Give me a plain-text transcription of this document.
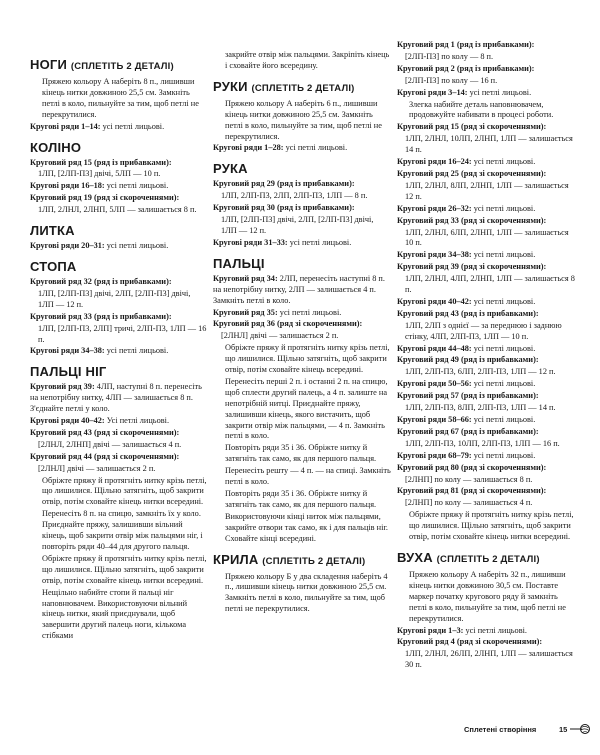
НОГИ (СПЛЕТІТЬ 2 ДЕТАЛІ)
Пряжею кольору А наберіть 8 п., лишивши кінець нитки довжиною 25,5 см. Замкніть петлі в коло, пильнуйте за тим, щоб петлі не перекрутилися.
Кругові ряди 1–14: усі петлі лицьові.
КОЛІНО
Круговий ряд 15 (ряд із прибавками):
1ЛП, [2ЛП-П3] двічі, 5ЛП — 10 п.
Кругові ряди 16–18: усі петлі лицьові.
Круговий ряд 19 (ряд зі скороченнями):
1ЛП, 2ЛНЛ, 2ЛНП, 5ЛП — залишається 8 п.
ЛИТКА
Кругові ряди 20–31: усі петлі лицьові.
СТОПА
Круговий ряд 32 (ряд із прибавками):
1ЛП, [2ЛП-П3] двічі, 2ЛП, [2ЛП-П3] двічі, 1ЛП — 12 п.
Круговий ряд 33 (ряд із прибавками):
1ЛП, [2ЛП-П3, 2ЛП] тричі, 2ЛП-П3, 1ЛП — 16 п.
Кругові ряди 34–38: усі петлі лицьові.
ПАЛЬЦІ НІГ
Круговий ряд 39: 4ЛП, наступні 8 п. перенесіть на непотрібну нитку, 4ЛП — залишається 8 п. З'єднайте петлі у коло.
Кругові ряди 40–42: Усі петлі лицьові.
Круговий ряд 43 (ряд зі скороченнями):
[2ЛНЛ, 2ЛНП] двічі — залишається 4 п.
Круговий ряд 44 (ряд зі скороченнями):
[2ЛНЛ] двічі — залишається 2 п.
Обріжте пряжу й протягніть нитку крізь петлі, що лишилися. Щільно затягніть, щоб закрити отвір, потім сховайте кінець нитки всередині.
Перенесіть 8 п. на спицю, замкніть їх у коло. Приєднайте пряжу, залишивши вільний кінець, щоб закрити отвір між пальцями ніг, і повторіть ряди 40–44 для другого пальця.
Обріжте пряжу й протягніть нитку крізь петлі, що лишилися. Щільно затягніть, щоб закрити отвір, потім сховайте кінець нитки всередині.
Нещільно набийте стопи й пальці ніг наповнювачем. Використовуючи вільний кінець нитки, який приєднували, щоб завершити другий палець ноги, кількома стібками
закрийте отвір між пальцями. Закріпіть кінець і сховайте його всередину.
РУКИ (СПЛЕТІТЬ 2 ДЕТАЛІ)
Пряжею кольору А наберіть 6 п., лишивши кінець нитки довжиною 25,5 см. Замкніть петлі в коло, пильнуйте за тим, щоб петлі не перекрутилися.
Кругові ряди 1–28: усі петлі лицьові.
РУКА
Круговий ряд 29 (ряд із прибавками):
1ЛП, 2ЛП-П3, 2ЛП, 2ЛП-П3, 1ЛП — 8 п.
Круговий ряд 30 (ряд із прибавками):
1ЛП, [2ЛП-П3] двічі, 2ЛП, [2ЛП-П3] двічі, 1ЛП — 12 п.
Кругові ряди 31–33: усі петлі лицьові.
ПАЛЬЦІ
Круговий ряд 34: 2ЛП, перенесіть наступні 8 п. на непотрібну нитку, 2ЛП — залишається 4 п. Замкніть петлі в коло.
Круговий ряд 35: усі петлі лицьові.
Круговий ряд 36 (ряд зі скороченнями):
[2ЛНЛ] двічі — залишається 2 п.
Обріжте пряжу й протягніть нитку крізь петлі, що лишилися. Щільно затягніть, щоб закрити отвір, потім сховайте кінець всередині.
Перенесіть перші 2 п. і останні 2 п. на спицю, щоб сплести другий палець, а 4 п. залиште на непотрібній нитці. Приєднайте пряжу, залишивши кінець, якого вистачить, щоб закрити отвір між пальцями, — 4 п. Замкніть петлі в коло.
Повторіть ряди 35 і 36. Обріжте нитку й затягніть так само, як для першого пальця.
Перенесіть решту — 4 п. — на спиці. Замкніть петлі в коло.
Повторіть ряди 35 і 36. Обріжте нитку й затягніть так само, як для першого пальця.
Використовуючи кінці ниток між пальцями, закрийте отвори так само, як і для пальців ніг. Сховайте кінці всередині.
КРИЛА (СПЛЕТІТЬ 2 ДЕТАЛІ)
Пряжею кольору Б у два складення наберіть 4 п., лишивши кінець нитки довжиною 25,5 см. Замкніть петлі в коло, пильнуйте за тим, щоб петлі не перекрутилися.
Круговий ряд 1 (ряд із прибавками):
[2ЛП-П3] по колу — 8 п.
Круговий ряд 2 (ряд із прибавками):
[2ЛП-П3] по колу — 16 п.
Кругові ряди 3–14: усі петлі лицьові.
Злегка набийте деталь наповнювачем, продовжуйте набивати в процесі роботи.
Круговий ряд 15 (ряд зі скороченнями):
1ЛП, 2ЛНЛ, 10ЛП, 2ЛНП, 1ЛП — залишається 14 п.
Кругові ряди 16–24: усі петлі лицьові.
Круговий ряд 25 (ряд зі скороченнями):
1ЛП, 2ЛНЛ, 8ЛП, 2ЛНП, 1ЛП — залишається 12 п.
Кругові ряди 26–32: усі петлі лицьові.
Круговий ряд 33 (ряд зі скороченнями):
1ЛП, 2ЛНЛ, 6ЛП, 2ЛНП, 1ЛП — залишається 10 п.
Кругові ряди 34–38: усі петлі лицьові.
Круговий ряд 39 (ряд зі скороченнями):
1ЛП, 2ЛНЛ, 4ЛП, 2ЛНП, 1ЛП — залишається 8 п.
Кругові ряди 40–42: усі петлі лицьові.
Круговий ряд 43 (ряд із прибавками):
1ЛП, 2ЛП з однієї — за переднюю і заднюю стінку, 4ЛП, 2ЛП-П3, 1ЛП — 10 п.
Кругові ряди 44–48: усі петлі лицьові.
Круговий ряд 49 (ряд із прибавками):
1ЛП, 2ЛП-П3, 6ЛП, 2ЛП-П3, 1ЛП — 12 п.
Кругові ряди 50–56: усі петлі лицьові.
Круговий ряд 57 (ряд із прибавками):
1ЛП, 2ЛП-П3, 8ЛП, 2ЛП-П3, 1ЛП — 14 п.
Кругові ряди 58–66: усі петлі лицьові.
Круговий ряд 67 (ряд із прибавками):
1ЛП, 2ЛП-П3, 10ЛП, 2ЛП-П3, 1ЛП — 16 п.
Кругові ряди 68–79: усі петлі лицьові.
Круговий ряд 80 (ряд зі скороченнями):
[2ЛНП] по колу — залишається 8 п.
Круговий ряд 81 (ряд зі скороченнями):
[2ЛНП] по колу — залишається 4 п.
Обріжте пряжу й протягніть нитку крізь петлі, що лишилися. Щільно затягніть, щоб закрити отвір, потім сховайте кінець нитки всередині.
ВУХА (СПЛЕТІТЬ 2 ДЕТАЛІ)
Пряжею кольору А наберіть 32 п., лишивши кінець нитки довжиною 30,5 см. Поставте маркер початку кругового ряду й замкніть петлі в коло, пильнуйте за тим, щоб петлі не перекрутилися.
Кругові ряди 1–3: усі петлі лицьові.
Круговий ряд 4 (ряд зі скороченнями):
1ЛП, 2ЛНЛ, 26ЛП, 2ЛНП, 1ЛП — залишається 30 п.
Сплетені створіння	15
